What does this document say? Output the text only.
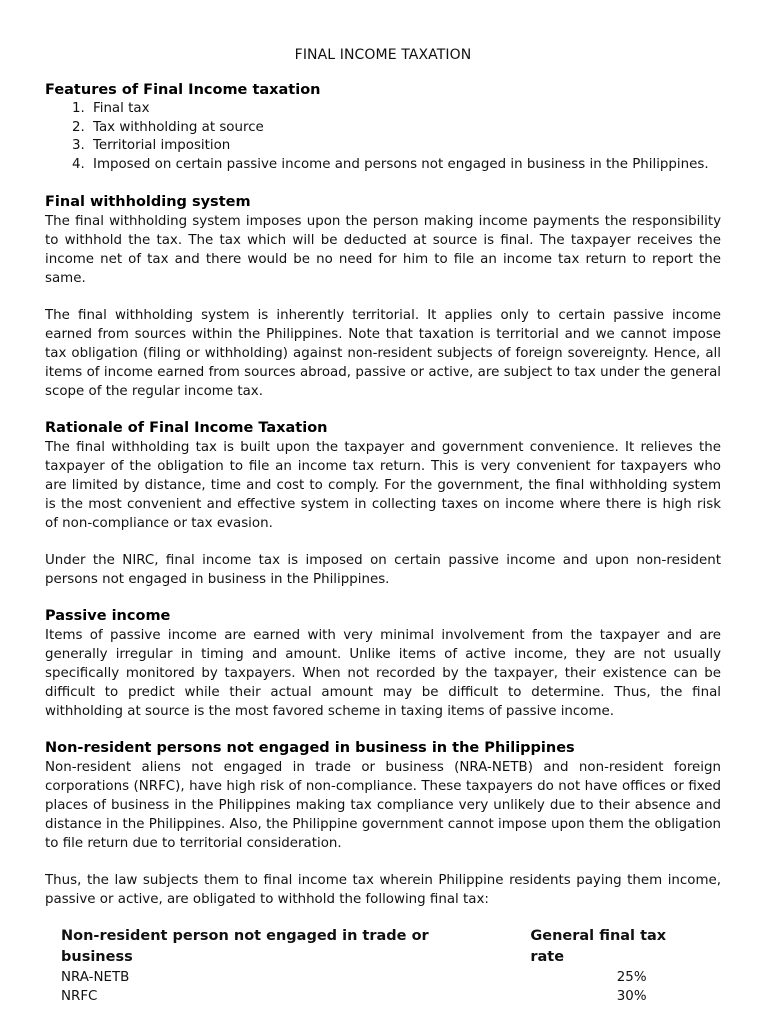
FINAL INCOME TAXATION
Features of Final Income taxation
1. Final tax
2. Tax withholding at source
3. Territorial imposition
4. Imposed on certain passive income and persons not engaged in business in the Philippines.
Final withholding system

The final withholding system imposes upon the person making income payments the responsibility to withhold the tax. The tax which will be deducted at source is final. The taxpayer receives the income net of tax and there would be no need for him to file an income tax return to report the same.

The final withholding system is inherently territorial. It applies only to certain passive income earned from sources within the Philippines. Note that taxation is territorial and we cannot impose tax obligation (filing or withholding) against non-resident subjects of foreign sovereignty. Hence, all items of income earned from sources abroad, passive or active, are subject to tax under the general scope of the regular income tax.

Rationale of Final Income Taxation

The final withholding tax is built upon the taxpayer and government convenience. It relieves the taxpayer of the obligation to file an income tax return. This is very convenient for taxpayers who are limited by distance, time and cost to comply. For the government, the final withholding system is the most convenient and effective system in collecting taxes on income where there is high risk of non-compliance or tax evasion.

Under the NIRC, final income tax is imposed on certain passive income and upon non-resident persons not engaged in business in the Philippines.

Passive income

Items of passive income are earned with very minimal involvement from the taxpayer and are generally irregular in timing and amount. Unlike items of active income, they are not usually specifically monitored by taxpayers. When not recorded by the taxpayer, their existence can be difficult to predict while their actual amount may be difficult to determine. Thus, the final withholding at source is the most favored scheme in taxing items of passive income.

Non-resident persons not engaged in business in the Philippines

Non-resident aliens not engaged in trade or business (NRA-NETB) and non-resident foreign corporations (NRFC), have high risk of non-compliance. These taxpayers do not have offices or fixed places of business in the Philippines making tax compliance very unlikely due to their absence and distance in the Philippines. Also, the Philippine government cannot impose upon them the obligation to file return due to territorial consideration.

Thus, the law subjects them to final income tax wherein Philippine residents paying them income, passive or active, are obligated to withhold the following final tax:

Non-resident person not engaged in trade or business	General final tax rate
NRA-NETB	25%
NRFC	30%
